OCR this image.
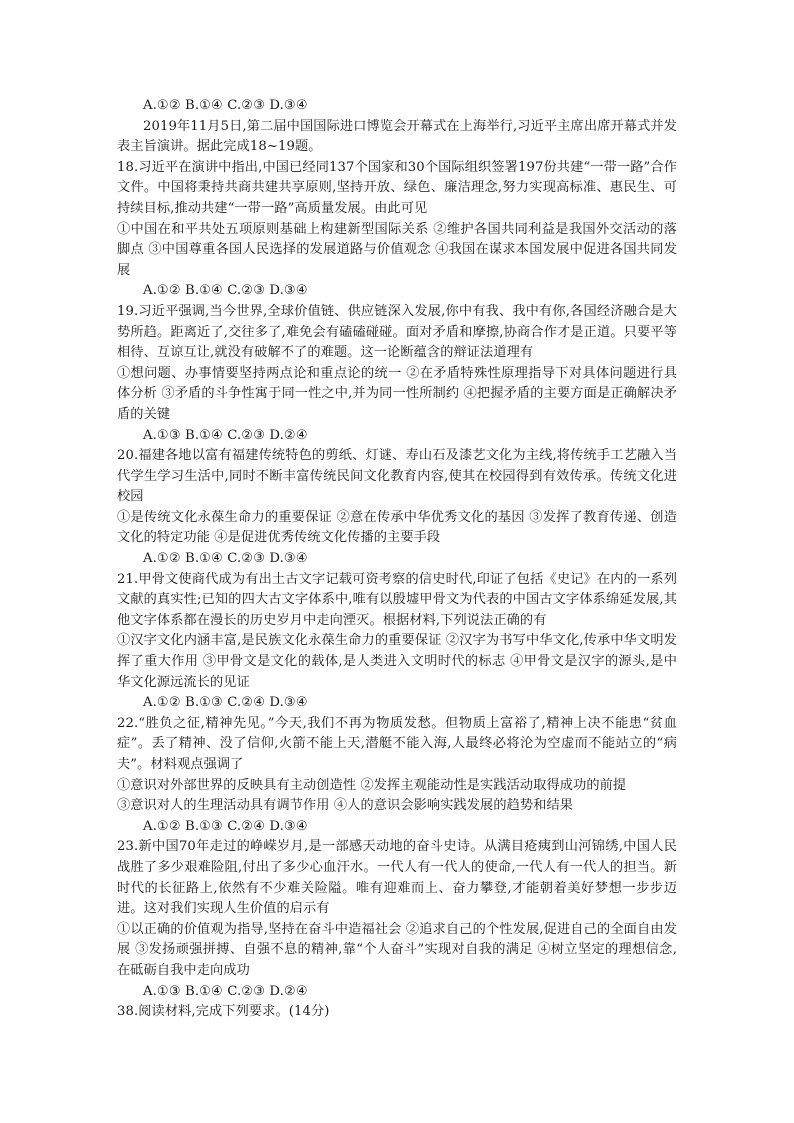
A.①② B.①④ C.②③ D.③④

2019年11月5日,第二届中国国际进口博览会开幕式在上海举行,习近平主席出席开幕式并发表主旨演讲。据此完成18~19题。

18.习近平在演讲中指出,中国已经同137个国家和30个国际组织签署197份共建“一带一路”合作文件。中国将秉持共商共建共享原则,坚持开放、绿色、廉洁理念,努力实现高标准、惠民生、可持续目标,推动共建“一带一路”高质量发展。由此可见

①中国在和平共处五项原则基础上构建新型国际关系 ②维护各国共同利益是我国外交活动的落脚点 ③中国尊重各国人民选择的发展道路与价值观念 ④我国在谋求本国发展中促进各国共同发展

A.①② B.①④ C.②③ D.③④

19.习近平强调,当今世界,全球价值链、供应链深入发展,你中有我、我中有你,各国经济融合是大势所趋。距离近了,交往多了,难免会有磕磕碰碰。面对矛盾和摩擦,协商合作才是正道。只要平等相待、互谅互让,就没有破解不了的难题。这一论断蕴含的辩证法道理有

①想问题、办事情要坚持两点论和重点论的统一 ②在矛盾特殊性原理指导下对具体问题进行具体分析 ③矛盾的斗争性寓于同一性之中,并为同一性所制约 ④把握矛盾的主要方面是正确解决矛盾的关键

A.①③ B.①④ C.②③ D.②④

20.福建各地以富有福建传统特色的剪纸、灯谜、寿山石及漆艺文化为主线,将传统手工艺融入当代学生学习生活中,同时不断丰富传统民间文化教育内容,使其在校园得到有效传承。传统文化进校园

①是传统文化永葆生命力的重要保证 ②意在传承中华优秀文化的基因 ③发挥了教育传递、创造文化的特定功能 ④是促进优秀传统文化传播的主要手段

A.①② B.①④ C.②③ D.③④

21.甲骨文使商代成为有出土古文字记载可资考察的信史时代,印证了包括《史记》在内的一系列文献的真实性;已知的四大古文字体系中,唯有以殷墟甲骨文为代表的中国古文字体系绵延发展,其他文字体系都在漫长的历史岁月中走向湮灭。根据材料,下列说法正确的有

①汉字文化内涵丰富,是民族文化永葆生命力的重要保证 ②汉字为书写中华文化,传承中华文明发挥了重大作用 ③甲骨文是文化的载体,是人类进入文明时代的标志 ④甲骨文是汉字的源头,是中华文化源远流长的见证

A.①② B.①③ C.②④ D.③④

22.“胜负之征,精神先见。”今天,我们不再为物质发愁。但物质上富裕了,精神上决不能患“贫血症”。丢了精神、没了信仰,火箭不能上天,潜艇不能入海,人最终必将沦为空虚而不能站立的“病夫”。材料观点强调了

①意识对外部世界的反映具有主动创造性 ②发挥主观能动性是实践活动取得成功的前提

③意识对人的生理活动具有调节作用 ④人的意识会影响实践发展的趋势和结果

A.①② B.①③ C.②④ D.③④

23.新中国70年走过的峥嵘岁月,是一部感天动地的奋斗史诗。从满目疮痍到山河锦绣,中国人民战胜了多少艰难险阻,付出了多少心血汗水。一代人有一代人的使命,一代人有一代人的担当。新时代的长征路上,依然有不少难关险隘。唯有迎难而上、奋力攀登,才能朝着美好梦想一步步迈进。这对我们实现人生价值的启示有

①以正确的价值观为指导,坚持在奋斗中造福社会 ②追求自己的个性发展,促进自己的全面自由发展 ③发扬顽强拼搏、自强不息的精神,靠“个人奋斗”实现对自我的满足 ④树立坚定的理想信念,在砥砺自我中走向成功

A.①③ B.①④ C.②③ D.②④

38.阅读材料,完成下列要求。(14分)
